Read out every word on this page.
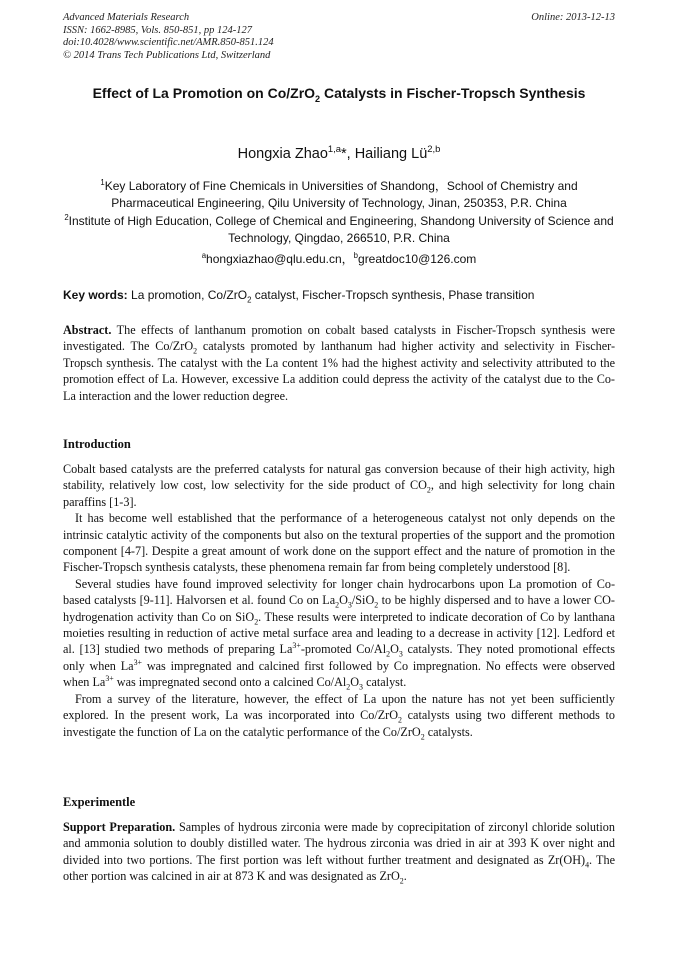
Advanced Materials Research
ISSN: 1662-8985, Vols. 850-851, pp 124-127
doi:10.4028/www.scientific.net/AMR.850-851.124
© 2014 Trans Tech Publications Ltd, Switzerland
Online: 2013-12-13
Effect of La Promotion on Co/ZrO$_2$ Catalysts in Fischer-Tropsch Synthesis
Hongxia Zhao$^{1,a}$*, Hailiang Lü$^{2,b}$
$^1$Key Laboratory of Fine Chemicals in Universities of Shandong，School of Chemistry and Pharmaceutical Engineering, Qilu University of Technology, Jinan, 250353, P.R. China
$^2$Institute of High Education, College of Chemical and Engineering, Shandong University of Science and Technology, Qingdao, 266510, P.R. China
$^a$hongxiazhao@qlu.edu.cn，$^b$greatdoc10@126.com
Key words: La promotion, Co/ZrO$_2$ catalyst, Fischer-Tropsch synthesis, Phase transition

Abstract. The effects of lanthanum promotion on cobalt based catalysts in Fischer-Tropsch synthesis were investigated. The Co/ZrO$_2$ catalysts promoted by lanthanum had higher activity and selectivity in Fischer-Tropsch synthesis. The catalyst with the La content 1% had the highest activity and selectivity attributed to the promotion effect of La. However, excessive La addition could depress the activity of the catalyst due to the Co-La interaction and the lower reduction degree.

Introduction

Cobalt based catalysts are the preferred catalysts for natural gas conversion because of their high activity, high stability, relatively low cost, low selectivity for the side product of $CO_2$, and high selectivity for long chain paraffins [1-3].

It has become well established that the performance of a heterogeneous catalyst not only depends on the intrinsic catalytic activity of the components but also on the textural properties of the support and the promotion component [4-7]. Despite a great amount of work done on the support effect and the nature of promotion in the Fischer-Tropsch synthesis catalysts, these phenomena remain far from being completely understood [8].

Several studies have found improved selectivity for longer chain hydrocarbons upon La promotion of Co-based catalysts [9-11]. Halvorsen et al. found Co on $La_2O_3/SiO_2$ to be highly dispersed and to have a lower CO-hydrogenation activity than Co on SiO$_2$. These results were interpreted to indicate decoration of Co by lanthana moieties resulting in reduction of active metal surface area and leading to a decrease in activity [12]. Ledford et al. [13] studied two methods of preparing $La^{3+}$-promoted $Co/Al_2O_3$ catalysts. They noted promotional effects only when $La^{3+}$ was impregnated and calcined first followed by Co impregnation. No effects were observed when $La^{3+}$ was impregnated second onto a calcined $Co/Al_2O_3$ catalyst.

From a survey of the literature, however, the effect of La upon the nature has not yet been sufficiently explored. In the present work, La was incorporated into Co/ZrO$_2$ catalysts using two different methods to investigate the function of La on the catalytic performance of the Co/ZrO$_2$ catalysts.

Experimentle

Support Preparation. Samples of hydrous zirconia were made by coprecipitation of zirconyl chloride solution and ammonia solution to doubly distilled water. The hydrous zirconia was dried in air at 393 K over night and divided into two portions. The first portion was left without further treatment and designated as $Zr(OH)_4$. The other portion was calcined in air at 873 K and was designated as ZrO$_2$.
